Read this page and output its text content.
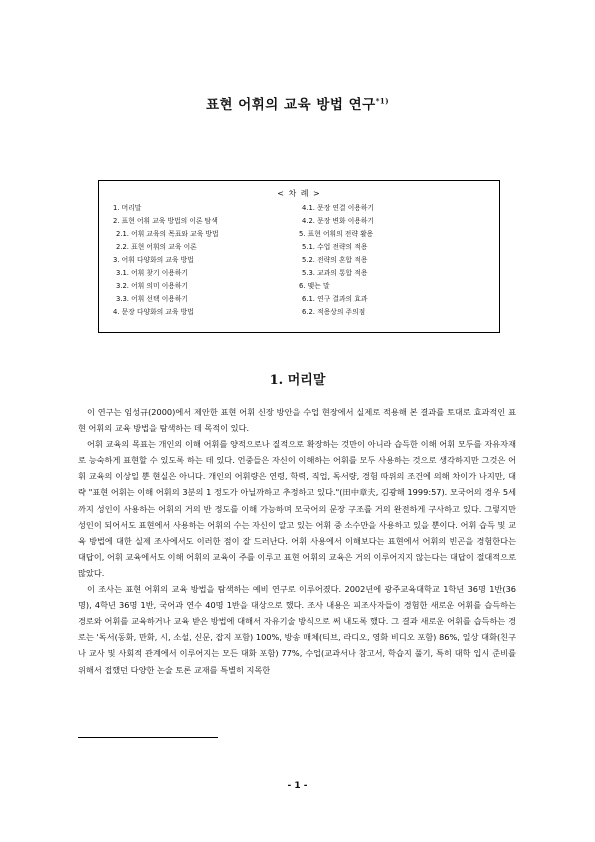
표현 어휘의 교육 방법 연구$^{*1)}$
< 차 례 >
1. 머리말
2. 표현 어휘 교육 방법의 이론 탐색
2.1. 어휘 교육의 목표와 교육 방법
2.2. 표현 어휘의 교육 이론
3. 어휘 다양화의 교육 방법
3.1. 어휘 찾기 이용하기
3.2. 어휘 의미 이용하기
3.3. 어휘 선택 이용하기
4. 문장 다양화의 교육 방법
4.1. 문장 연결 이용하기
4.2. 문장 변화 이용하기
5. 표현 어휘의 전략 활용
5.1. 수업 전략의 적용
5.2. 전략의 혼합 적용
5.3. 교과의 통합 적용
6. 맺는 말
6.1. 연구 결과의 효과
6.2. 적용상의 주의점
1. 머리말

이 연구는 임성규(2000)에서 제안한 표현 어휘 신장 방안을 수업 현장에서 실제로 적용해 본 결과를 토대로 효과적인 표현 어휘의 교육 방법을 탐색하는 데 목적이 있다.

어휘 교육의 목표는 개인의 이해 어휘를 양적으로나 질적으로 확장하는 것만이 아니라 습득한 이해 어휘 모두를 자유자재로 능숙하게 표현할 수 있도록 하는 데 있다. 언중들은 자신이 이해하는 어휘를 모두 사용하는 것으로 생각하지만 그것은 어휘 교육의 이상일 뿐 현실은 아니다. 개인의 어휘량은 연령, 학력, 직업, 독서량, 경험 따위의 조건에 의해 차이가 나지만, 대략 "표현 어휘는 이해 어휘의 3분의 1 정도가 아닐까하고 추정하고 있다."(田中章夫, 김광해 1999:57). 모국어의 경우 5세까지 성인이 사용하는 어휘의 거의 반 정도를 이해 가능하며 모국어의 문장 구조를 거의 완전하게 구사하고 있다. 그렇지만 성인이 되어서도 표현에서 사용하는 어휘의 수는 자신이 알고 있는 어휘 중 소수만을 사용하고 있을 뿐이다. 어휘 습득 및 교육 방법에 대한 실제 조사에서도 이러한 점이 잘 드러난다. 어휘 사용에서 이해보다는 표현에서 어휘의 빈곤을 경험한다는 대답이, 어휘 교육에서도 이해 어휘의 교육이 주를 이루고 표현 어휘의 교육은 거의 이루어지지 않는다는 대답이 절대적으로 많았다.

이 조사는 표현 어휘의 교육 방법을 탐색하는 예비 연구로 이루어졌다. 2002년에 광주교육대학교 1학년 36명 1반(36명), 4학년 36명 1반, 국어과 연수 40명 1반을 대상으로 했다. 조사 내용은 피조사자들이 경험한 새로운 어휘를 습득하는 경로와 어휘를 교육하거나 교육 받은 방법에 대해서 자유기술 방식으로 써 내도록 했다. 그 결과 새로운 어휘를 습득하는 경로는 '독서(동화, 만화, 시, 소설, 신문, 잡지 포함) 100%, 방송 매체(티브, 라디오, 영화 비디오 포함) 86%, 일상 대화(친구나 교사 및 사회적 관계에서 이루어지는 모든 대화 포함) 77%, 수업(교과서나 참고서, 학습지 풀기, 특히 대학 입시 준비를 위해서 접했던 다양한 논술 토론 교재를 특별히 지목한

- 1 -
